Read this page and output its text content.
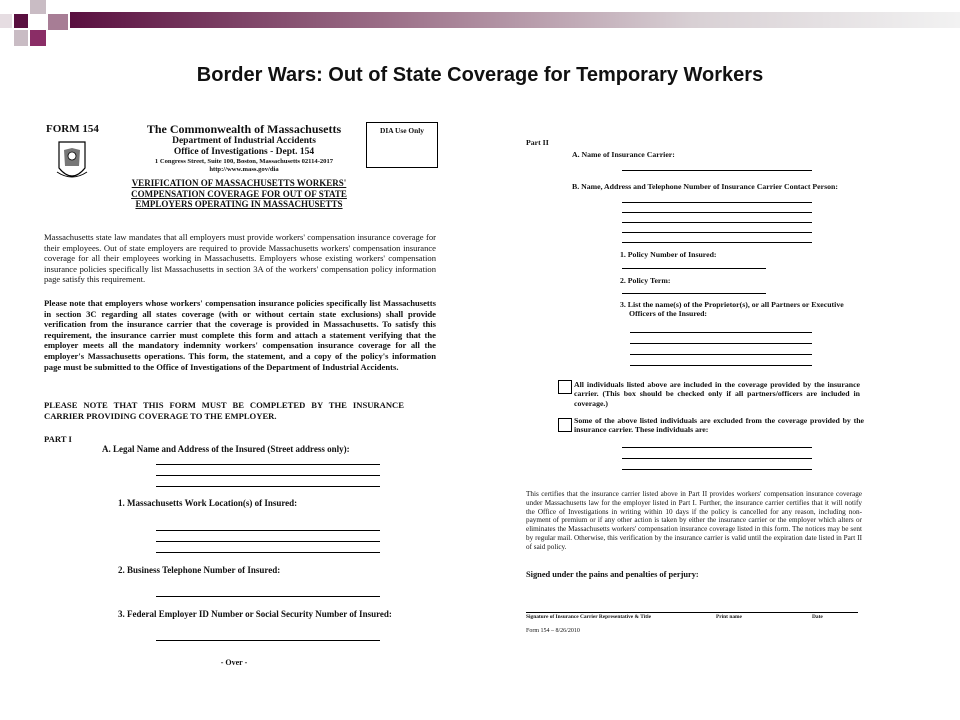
Border Wars: Out of State Coverage for Temporary Workers
FORM 154	The Commonwealth of Massachusetts
Department of Industrial Accidents
Office of Investigations - Dept. 154
1 Congress Street, Suite 100, Boston, Massachusetts 02114-2017
http://www.mass.gov/dia
DIA Use Only
VERIFICATION OF MASSACHUSETTS WORKERS'
COMPENSATION COVERAGE FOR OUT OF STATE
EMPLOYERS OPERATING IN MASSACHUSETTS

Massachusetts state law mandates that all employers must provide workers' compensation insurance coverage for their employees. Out of state employers are required to provide Massachusetts workers' compensation insurance coverage for all their employees working in Massachusetts. Employers whose existing workers' compensation insurance policies specifically list Massachusetts in section 3A of the workers' compensation policy information page satisfy this requirement.

Please note that employers whose workers' compensation insurance policies specifically list Massachusetts in section 3C regarding all states coverage (with or without certain state exclusions) shall provide verification from the insurance carrier that the coverage is provided in Massachusetts. To satisfy this requirement, the insurance carrier must complete this form and attach a statement verifying that the employer meets all the mandatory indemnity workers' compensation insurance coverage for all the employer's Massachusetts operations. This form, the statement, and a copy of the policy's information page must be submitted to the Office of Investigations of the Department of Industrial Accidents.

PLEASE NOTE THAT THIS FORM MUST BE COMPLETED BY THE INSURANCE CARRIER PROVIDING COVERAGE TO THE EMPLOYER.

PART I
A. Legal Name and Address of the Insured (Street address only):
1. Massachusetts Work Location(s) of Insured:
2. Business Telephone Number of Insured:
3. Federal Employer ID Number or Social Security Number of Insured:
- Over -
Part II
A. Name of Insurance Carrier:
B. Name, Address and Telephone Number of Insurance Carrier Contact Person:
1. Policy Number of Insured:
2. Policy Term:
3. List the name(s) of the Proprietor(s), or all Partners or Executive
Officers of the Insured:

All individuals listed above are included in the coverage provided by the insurance carrier. (This box should be checked only if all partners/officers are included in coverage.)

Some of the above listed individuals are excluded from the coverage provided by the insurance carrier. These individuals are:

This certifies that the insurance carrier listed above in Part II provides workers' compensation insurance coverage under Massachusetts law for the employer listed in Part I. Further, the insurance carrier certifies that it will notify the Office of Investigations in writing within 10 days if the policy is cancelled for any reason, including non-payment of premium or if any other action is taken by either the insurance carrier or the employer which alters or eliminates the Massachusetts workers' compensation insurance coverage listed in this form. The notices may be sent by regular mail. Otherwise, this verification by the insurance carrier is valid until the expiration date listed in Part II of said policy.

Signed under the pains and penalties of perjury:
Signature of Insurance Carrier Representative & Title	Print name	Date
Form 154 – 8/26/2010
